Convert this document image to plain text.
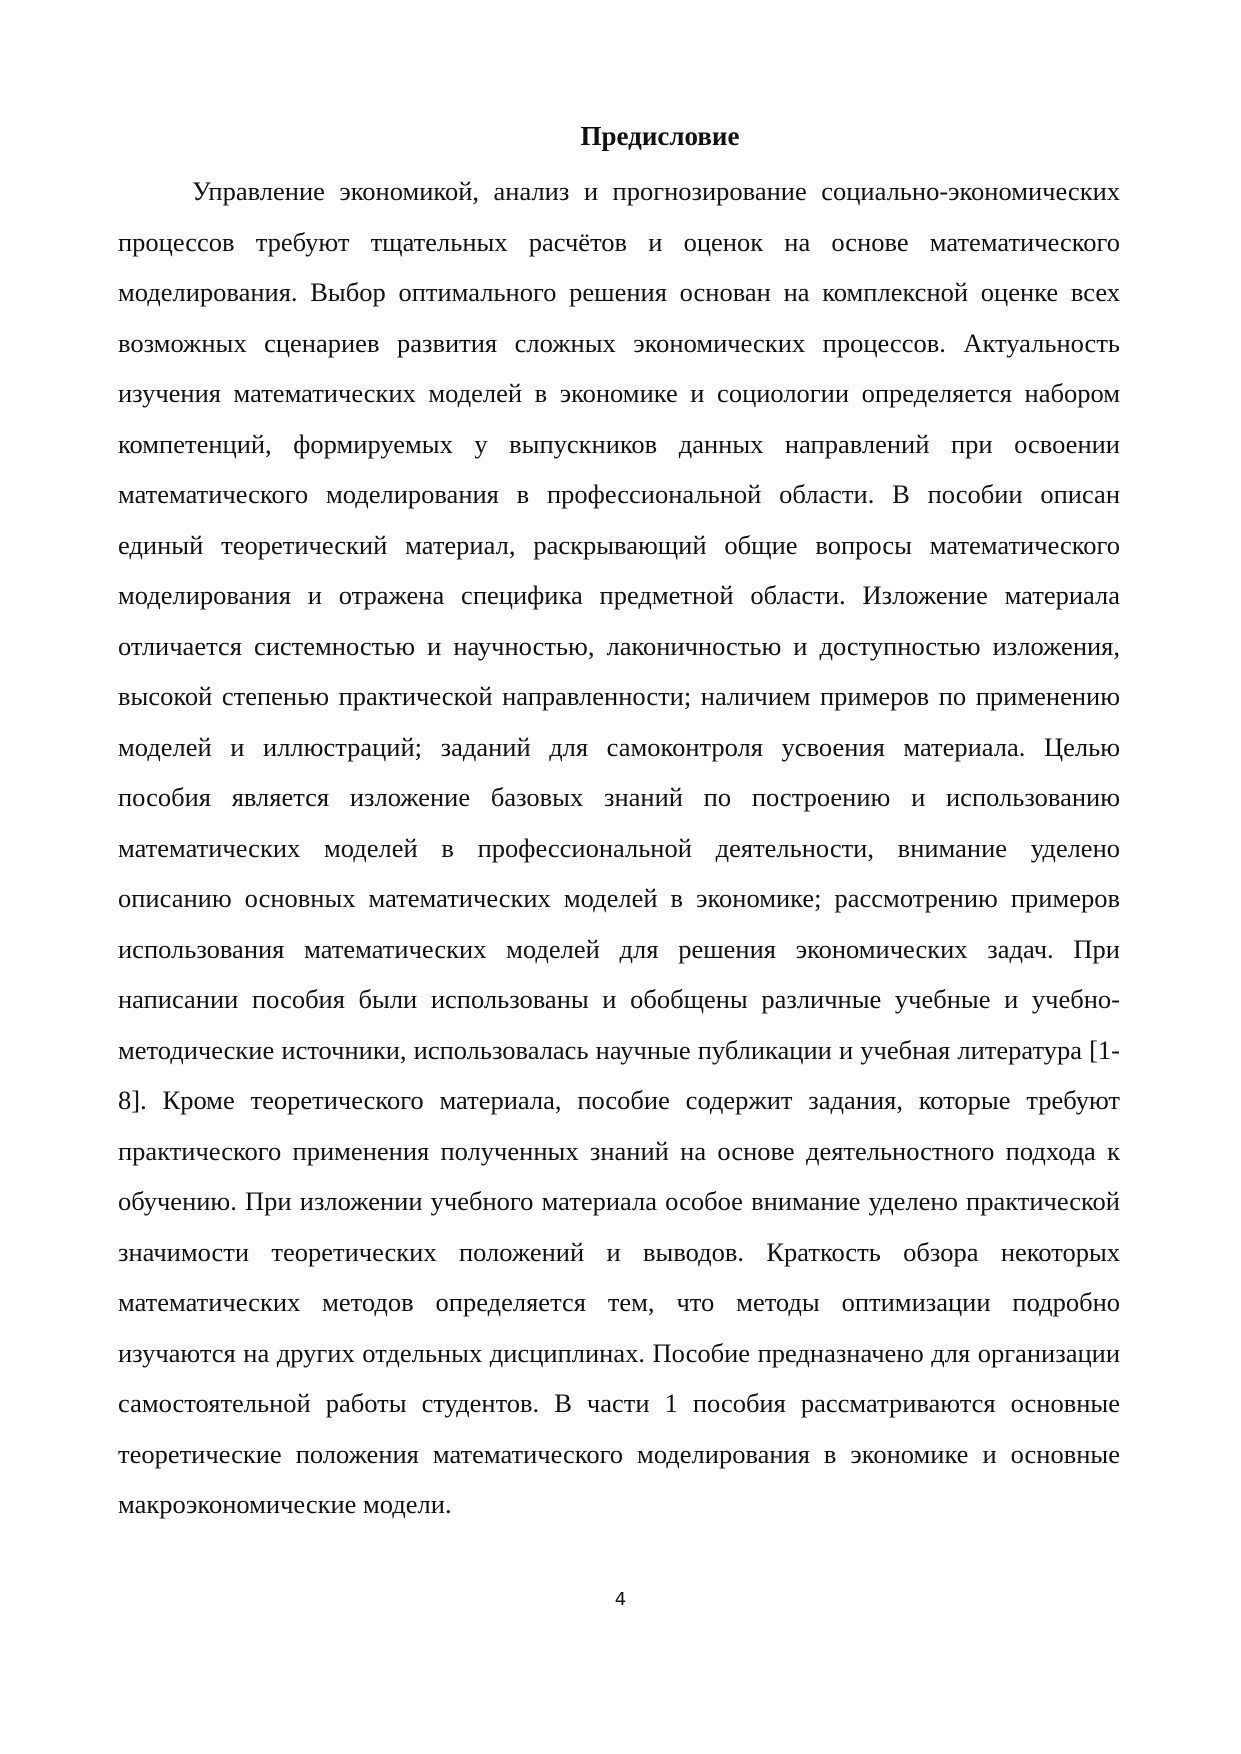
Предисловие

Управление экономикой, анализ и прогнозирование социально-экономических процессов требуют тщательных расчётов и оценок на основе математического моделирования. Выбор оптимального решения основан на комплексной оценке всех возможных сценариев развития сложных экономических процессов. Актуальность изучения математических моделей в экономике и социологии определяется набором компетенций, формируемых у выпускников данных направлений при освоении математического моделирования в профессиональной области. В пособии описан единый теоретический материал, раскрывающий общие вопросы математического моделирования и отражена специфика предметной области. Изложение материала отличается системностью и научностью, лаконичностью и доступностью изложения, высокой степенью практической направленности; наличием примеров по применению моделей и иллюстраций; заданий для самоконтроля усвоения материала. Целью пособия является изложение базовых знаний по построению и использованию математических моделей в профессиональной деятельности, внимание уделено описанию основных математических моделей в экономике; рассмотрению примеров использования математических моделей для решения экономических задач. При написании пособия были использованы и обобщены различные учебные и учебно-методические источники, использовалась научные публикации и учебная литература [1-8]. Кроме теоретического материала, пособие содержит задания, которые требуют практического применения полученных знаний на основе деятельностного подхода к обучению. При изложении учебного материала особое внимание уделено практической значимости теоретических положений и выводов. Краткость обзора некоторых математических методов определяется тем, что методы оптимизации подробно изучаются на других отдельных дисциплинах. Пособие предназначено для организации самостоятельной работы студентов. В части 1 пособия рассматриваются основные теоретические положения математического моделирования в экономике и основные макроэкономические модели.

4
